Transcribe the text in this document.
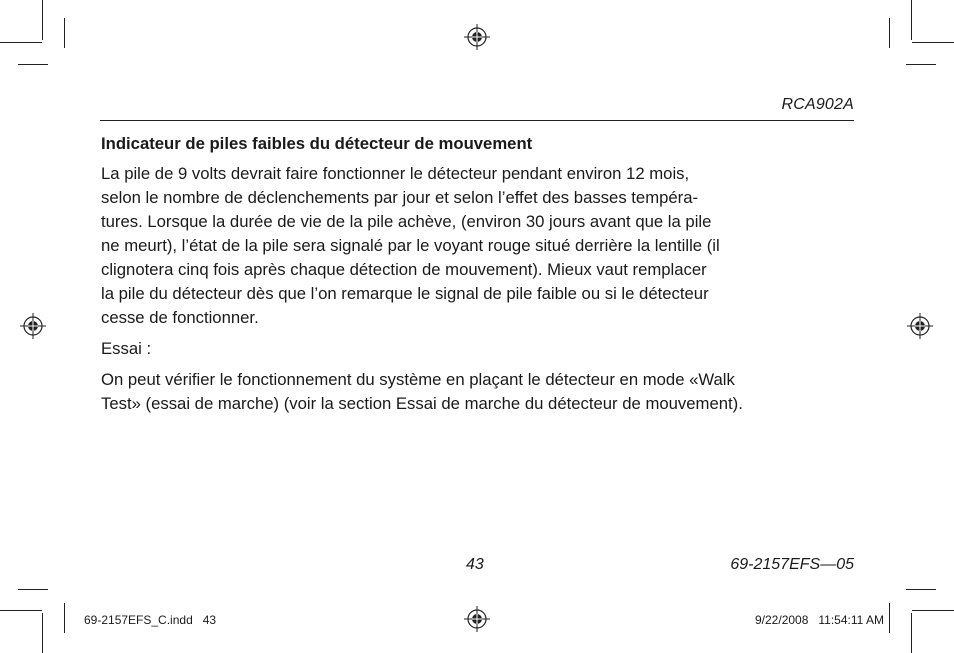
RCA902A
Indicateur de piles faibles du détecteur de mouvement

La pile de 9 volts devrait faire fonctionner le détecteur pendant environ 12 mois,
selon le nombre de déclenchements par jour et selon l’effet des basses tempéra-
tures. Lorsque la durée de vie de la pile achève, (environ 30 jours avant que la pile
ne meurt), l’état de la pile sera signalé par le voyant rouge situé derrière la lentille (il
clignotera cinq fois après chaque détection de mouvement). Mieux vaut remplacer
la pile du détecteur dès que l’on remarque le signal de pile faible ou si le détecteur
cesse de fonctionner.

Essai :

On peut vérifier le fonctionnement du système en plaçant le détecteur en mode «Walk
Test» (essai de marche) (voir la section Essai de marche du détecteur de mouvement).

43	69-2157EFS—05
69-2157EFS_C.indd   43	9/22/2008   11:54:11 AM
